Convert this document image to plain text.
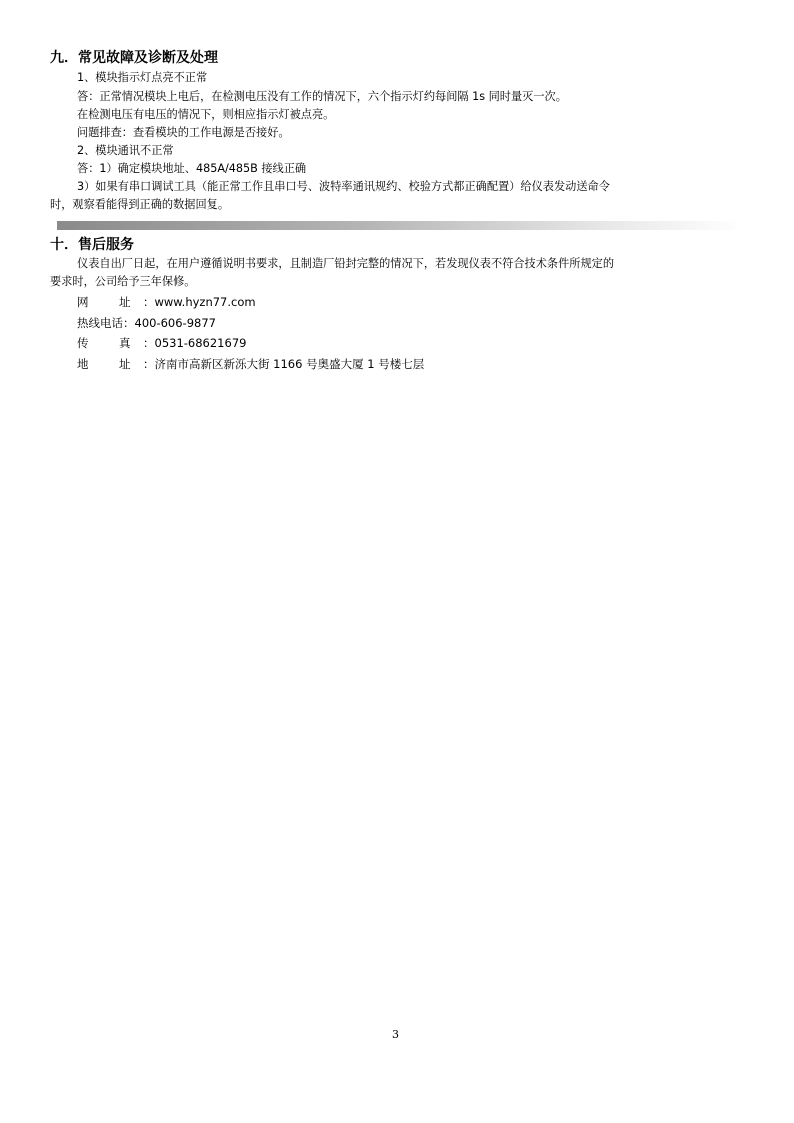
九．常见故障及诊断及处理
1、模块指示灯点亮不正常
答：正常情况模块上电后，在检测电压没有工作的情况下，六个指示灯约每间隔 1s 同时量灭一次。
在检测电压有电压的情况下，则相应指示灯被点亮。
问题排查：查看模块的工作电源是否接好。
2、模块通讯不正常
答：1）确定模块地址、485A/485B 接线正确
3）如果有串口调试工具（能正常工作且串口号、波特率通讯规约、校验方式都正确配置）给仪表发动送命令
时，观察看能得到正确的数据回复。
十．售后服务
仪表自出厂日起，在用户遵循说明书要求，且制造厂铅封完整的情况下，若发现仪表不符合技术条件所规定的
要求时，公司给予三年保修。
网	址 ：www.hyzn77.com
热线电话：400-606-9877
传	真 ：0531-68621679
地	址 ：济南市高新区新泺大街 1166 号奥盛大厦 1 号楼七层
3
